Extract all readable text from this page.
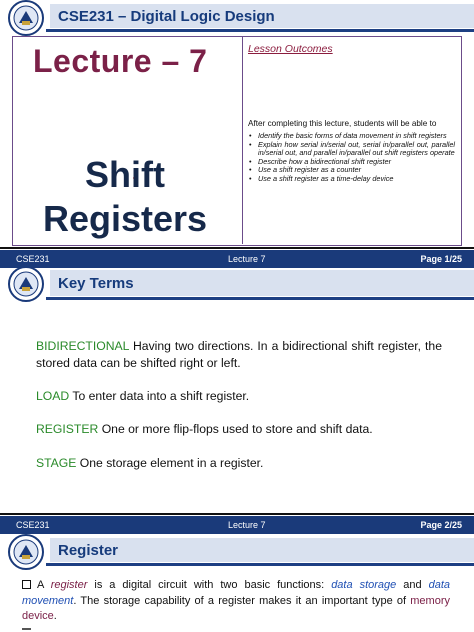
CSE231 – Digital Logic Design
Lecture – 7
Shift
Registers
Lesson Outcomes
After completing this lecture, students will be able to
• Identify the basic forms of data movement in shift registers
• Explain how serial in/serial out, serial in/parallel out, parallel in/serial out, and parallel in/parallel out shift registers operate
• Describe how a bidirectional shift register
• Use a shift register as a counter
• Use a shift register as a time-delay device
CSE231	Lecture 7	Page 1/25
Key Terms
BIDIRECTIONAL Having two directions. In a bidirectional shift register, the stored data can be shifted right or left.
LOAD To enter data into a shift register.
REGISTER One or more flip-flops used to store and shift data.
STAGE One storage element in a register.
CSE231	Lecture 7	Page 2/25
Register
A register is a digital circuit with two basic functions: data storage and data movement. The storage capability of a register makes it an important type of memory device.
